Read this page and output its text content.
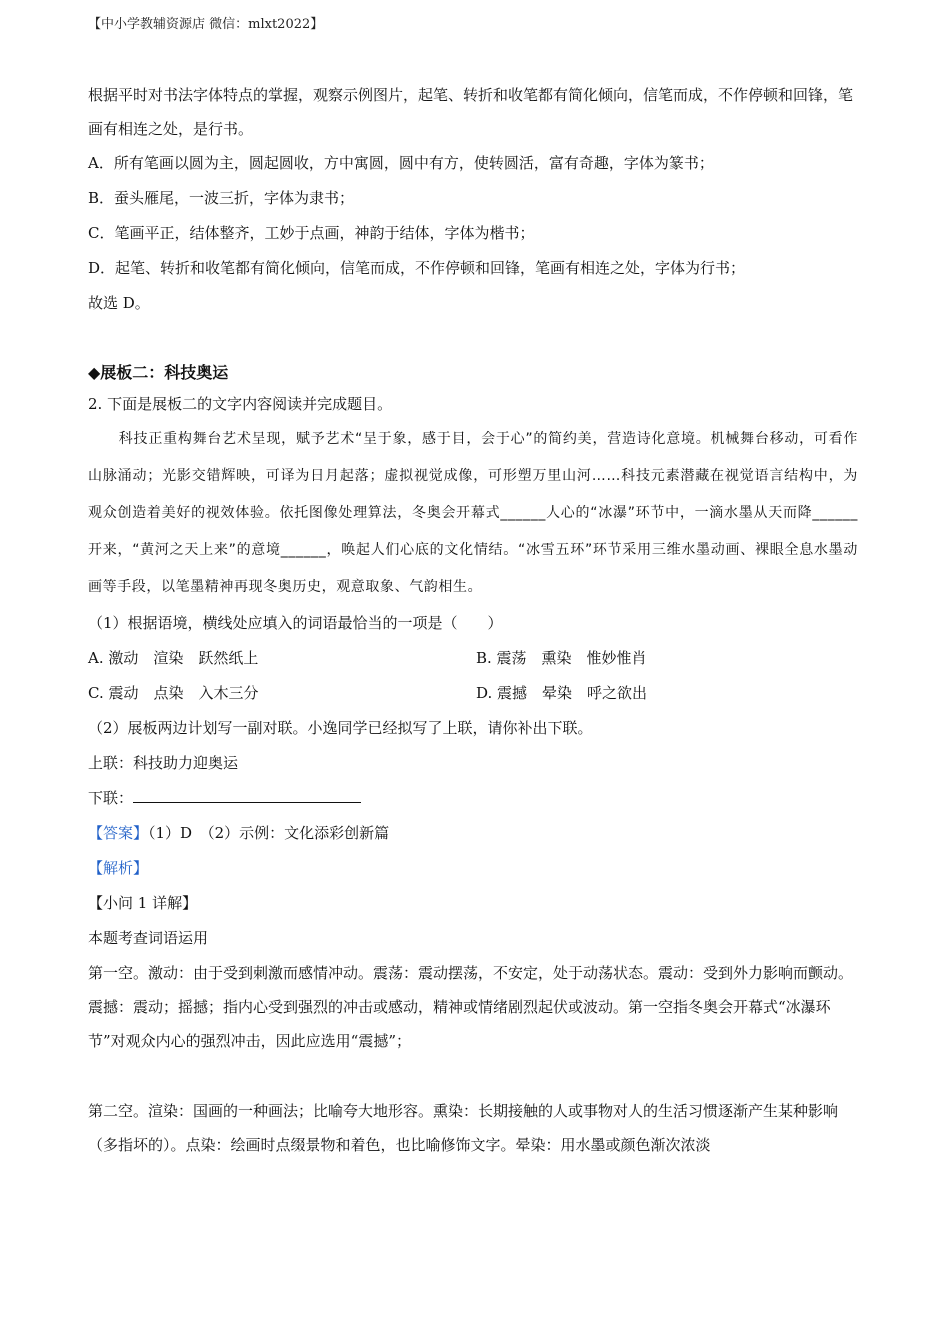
【中小学教辅资源店 微信：mlxt2022】

根据平时对书法字体特点的掌握，观察示例图片，起笔、转折和收笔都有简化倾向，信笔而成，不作停顿和回锋，笔画有相连之处，是行书。

A．所有笔画以圆为主，圆起圆收，方中寓圆，圆中有方，使转圆活，富有奇趣，字体为篆书；

B．蚕头雁尾，一波三折，字体为隶书；

C．笔画平正，结体整齐，工妙于点画，神韵于结体，字体为楷书；

D．起笔、转折和收笔都有简化倾向，信笔而成，不作停顿和回锋，笔画有相连之处，字体为行书；

故选 D。

◆展板二：科技奥运

2. 下面是展板二的文字内容阅读并完成题目。

科技正重构舞台艺术呈现，赋予艺术“呈于象，感于目，会于心”的简约美，营造诗化意境。机械舞台移动，可看作山脉涌动；光影交错辉映，可译为日月起落；虚拟视觉成像，可形塑万里山河……科技元素潜藏在视觉语言结构中，为观众创造着美好的视效体验。依托图像处理算法，冬奥会开幕式______人心的“冰瀑”环节中，一滴水墨从天而降______开来，“黄河之天上来”的意境______，唤起人们心底的文化情结。“冰雪五环”环节采用三维水墨动画、裸眼全息水墨动画等手段，以笔墨精神再现冬奥历史，观意取象、气韵相生。

（1）根据语境，横线处应填入的词语最恰当的一项是（　　）

A. 激动　渲染　跃然纸上	B. 震荡　熏染　惟妙惟肖
C. 震动　点染　入木三分	D. 震撼　晕染　呼之欲出

（2）展板两边计划写一副对联。小逸同学已经拟写了上联，请你补出下联。

上联：科技助力迎奥运

下联：

【答案】（1）D　（2）示例：文化添彩创新篇

【解析】

【小问 1 详解】

本题考查词语运用

第一空。激动：由于受到刺激而感情冲动。震荡：震动摆荡，不安定，处于动荡状态。震动：受到外力影响而颤动。震撼：震动；摇撼；指内心受到强烈的冲击或感动，精神或情绪剧烈起伏或波动。第一空指冬奥会开幕式“冰瀑环节”对观众内心的强烈冲击，因此应选用“震撼”；

第二空。渲染：国画的一种画法；比喻夸大地形容。熏染：长期接触的人或事物对人的生活习惯逐渐产生某种影响（多指坏的）。点染：绘画时点缀景物和着色，也比喻修饰文字。晕染：用水墨或颜色渐次浓淡
